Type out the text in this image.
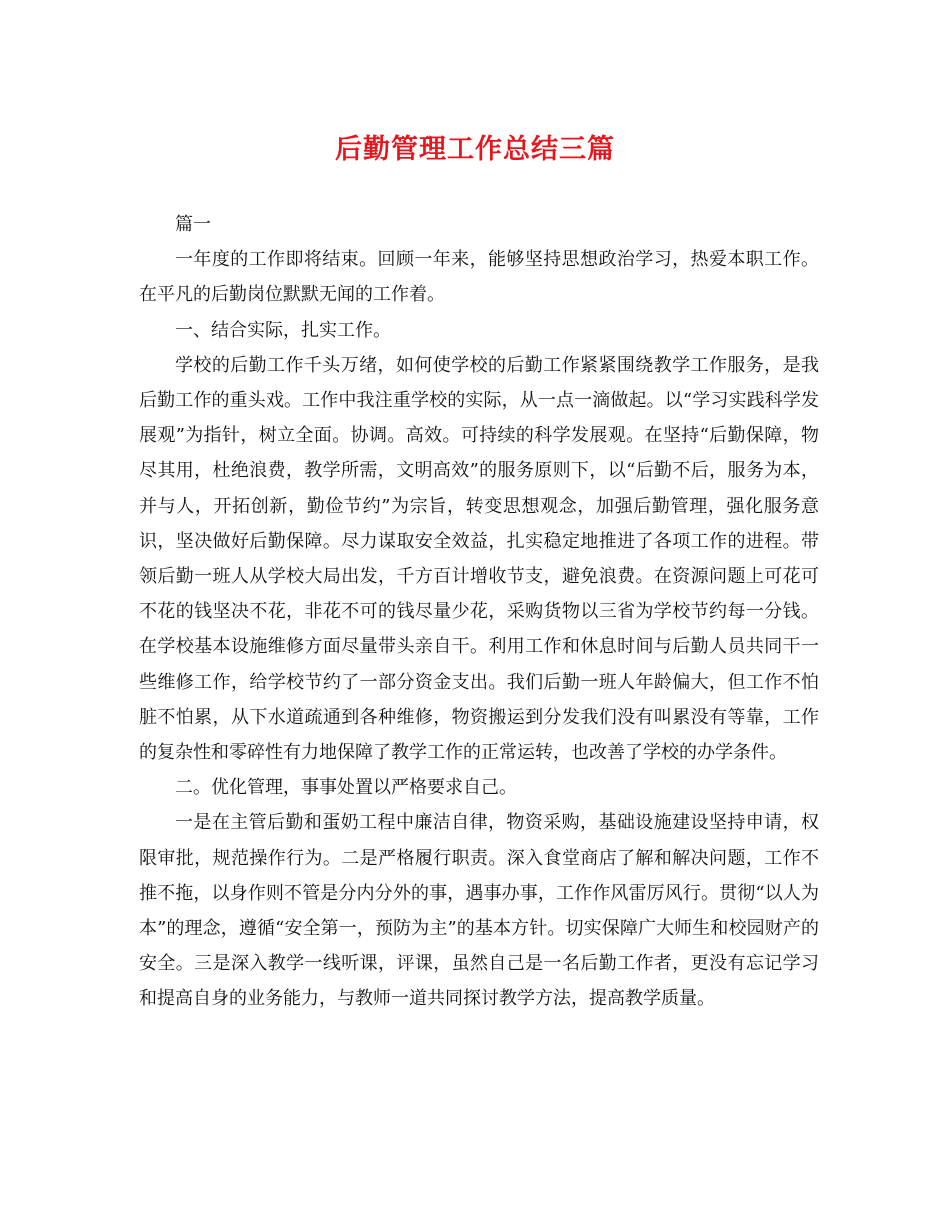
后勤管理工作总结三篇

篇一

一年度的工作即将结束。回顾一年来，能够坚持思想政治学习，热爱本职工作。在平凡的后勤岗位默默无闻的工作着。

一、结合实际，扎实工作。

学校的后勤工作千头万绪，如何使学校的后勤工作紧紧围绕教学工作服务，是我后勤工作的重头戏。工作中我注重学校的实际，从一点一滴做起。以“学习实践科学发展观”为指针，树立全面。协调。高效。可持续的科学发展观。在坚持“后勤保障，物尽其用，杜绝浪费，教学所需，文明高效”的服务原则下，以“后勤不后，服务为本，并与人，开拓创新，勤俭节约”为宗旨，转变思想观念，加强后勤管理，强化服务意识，坚决做好后勤保障。尽力谋取安全效益，扎实稳定地推进了各项工作的进程。带领后勤一班人从学校大局出发，千方百计增收节支，避免浪费。在资源问题上可花可不花的钱坚决不花，非花不可的钱尽量少花，采购货物以三省为学校节约每一分钱。在学校基本设施维修方面尽量带头亲自干。利用工作和休息时间与后勤人员共同干一些维修工作，给学校节约了一部分资金支出。我们后勤一班人年龄偏大，但工作不怕脏不怕累，从下水道疏通到各种维修，物资搬运到分发我们没有叫累没有等靠，工作的复杂性和零碎性有力地保障了教学工作的正常运转，也改善了学校的办学条件。

二。优化管理，事事处置以严格要求自己。

一是在主管后勤和蛋奶工程中廉洁自律，物资采购，基础设施建设坚持申请，权限审批，规范操作行为。二是严格履行职责。深入食堂商店了解和解决问题，工作不推不拖，以身作则不管是分内分外的事，遇事办事，工作作风雷厉风行。贯彻“以人为本”的理念，遵循“安全第一，预防为主”的基本方针。切实保障广大师生和校园财产的安全。三是深入教学一线听课，评课，虽然自己是一名后勤工作者，更没有忘记学习和提高自身的业务能力，与教师一道共同探讨教学方法，提高教学质量。
